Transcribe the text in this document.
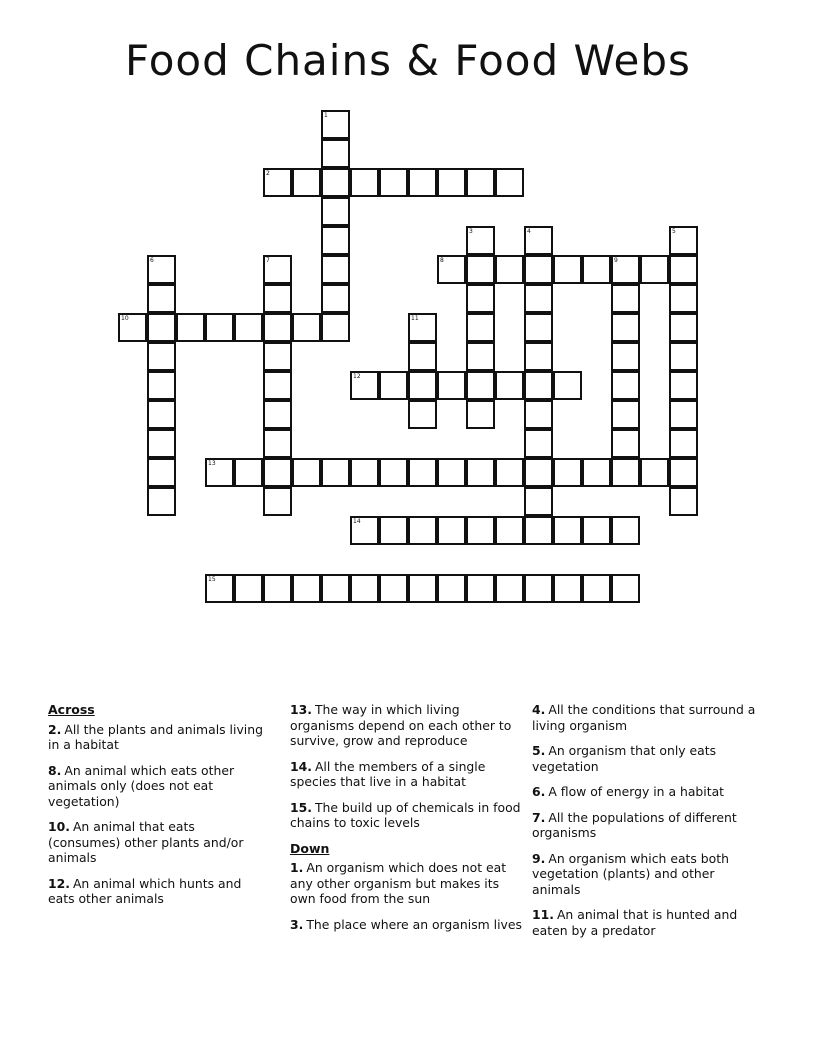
Food Chains & Food Webs
1
2
3	4	5
6	7	8	9
10	11
12
13
14
15
Across
2. All the plants and animals living in a habitat
8. An animal which eats other animals only (does not eat vegetation)
10. An animal that eats (consumes) other plants and/or animals
12. An animal which hunts and eats other animals
13. The way in which living organisms depend on each other to survive, grow and reproduce
14. All the members of a single species that live in a habitat
15. The build up of chemicals in food chains to toxic levels
Down
1. An organism which does not eat any other organism but makes its own food from the sun
3. The place where an organism lives
4. All the conditions that surround a living organism
5. An organism that only eats vegetation
6. A flow of energy in a habitat
7. All the populations of different organisms
9. An organism which eats both vegetation (plants) and other animals
11. An animal that is hunted and eaten by a predator
